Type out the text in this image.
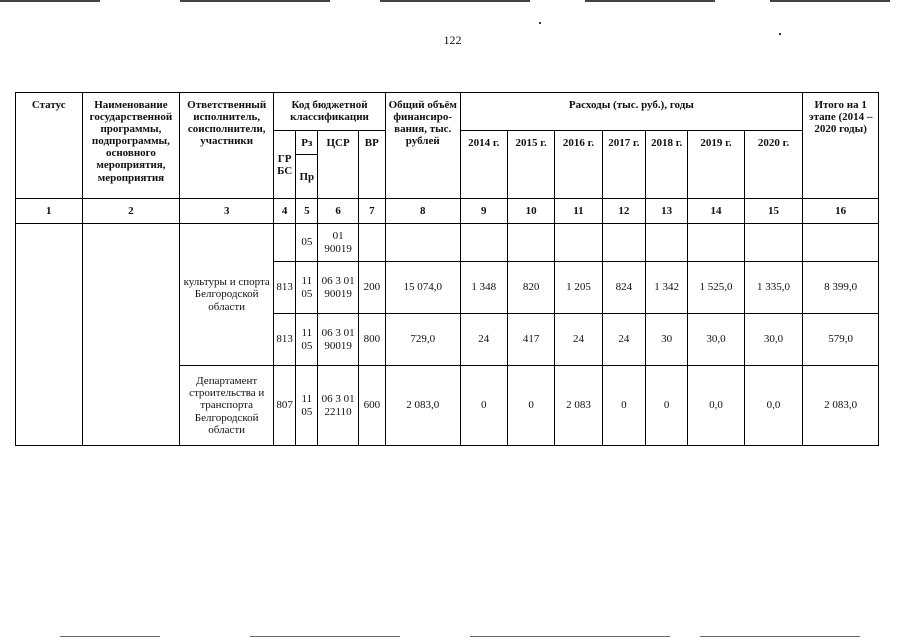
122
Статус	Наименование государственной программы, подпрограммы, основного мероприятия, мероприятия	Ответственный исполнитель, соисполнители, участники	Код бюджетной классификации				Общий объём финансиро-вания, тыс. рублей	Расходы (тыс. руб.), годы							Итого на 1 этапе (2014 – 2020 годы)
			ГР БС	Рз	ЦСР	ВР		2014 г.	2015 г.	2016 г.	2017 г.	2018 г.	2019 г.	2020 г.	
				Пр											
1	2	3	4	5	6	7	8	9	10	11	12	13	14	15	16
		культуры и спорта Белгородской области		05	01 90019										
			813	11 05	06 3 01 90019	200	15 074,0	1 348	820	1 205	824	1 342	1 525,0	1 335,0	8 399,0
			813	11 05	06 3 01 90019	800	729,0	24	417	24	24	30	30,0	30,0	579,0
		Департамент строительства и транспорта Белгородской области	807	11 05	06 3 01 22110	600	2 083,0	0	0	2 083	0	0	0,0	0,0	2 083,0
